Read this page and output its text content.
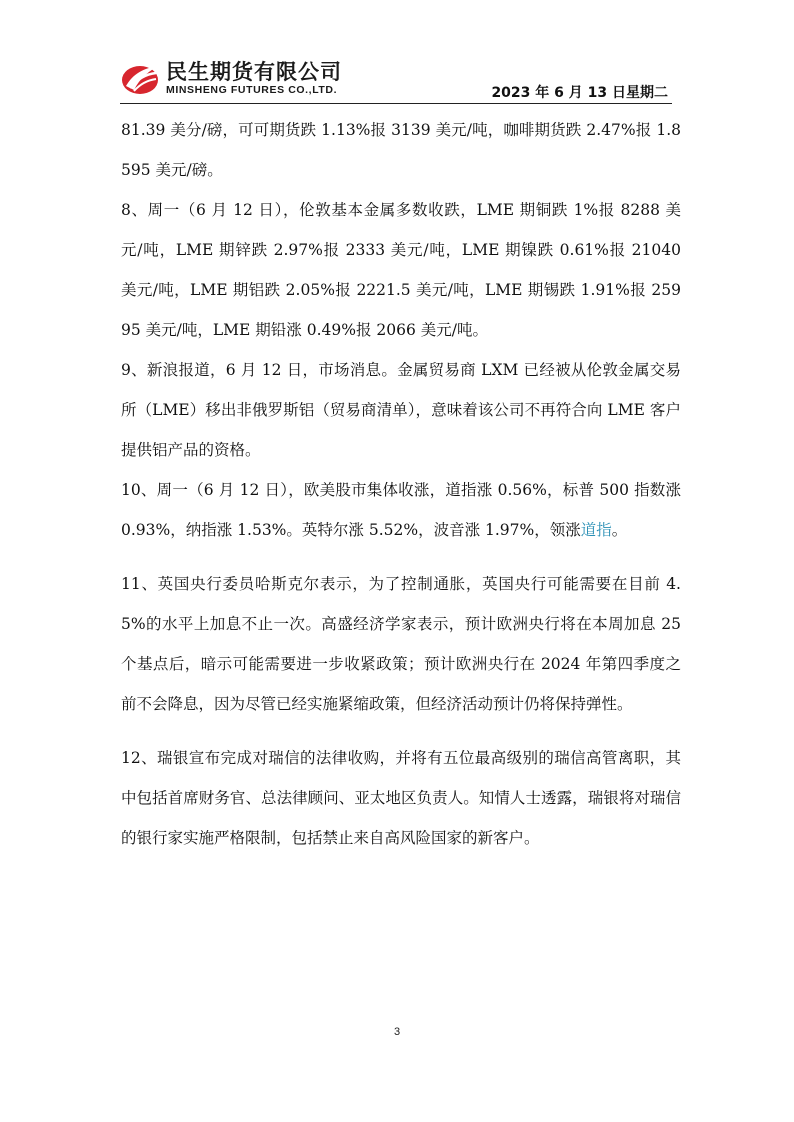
民生期货有限公司
MINSHENG FUTURES CO.,LTD.	2023 年 6 月 13 日星期二

81.39 美分/磅，可可期货跌 1.13%报 3139 美元/吨，咖啡期货跌 2.47%报 1.8595 美元/磅。

8、周一（6 月 12 日），伦敦基本金属多数收跌，LME 期铜跌 1%报 8288 美元/吨，LME 期锌跌 2.97%报 2333 美元/吨，LME 期镍跌 0.61%报 21040 美元/吨，LME 期铝跌 2.05%报 2221.5 美元/吨，LME 期锡跌 1.91%报 25995 美元/吨，LME 期铅涨 0.49%报 2066 美元/吨。

9、新浪报道，6 月 12 日，市场消息。金属贸易商 LXM 已经被从伦敦金属交易所（LME）移出非俄罗斯铝（贸易商清单），意味着该公司不再符合向 LME 客户提供铝产品的资格。

10、周一（6 月 12 日），欧美股市集体收涨，道指涨 0.56%，标普 500 指数涨 0.93%，纳指涨 1.53%。英特尔涨 5.52%，波音涨 1.97%，领涨道指。

11、英国央行委员哈斯克尔表示，为了控制通胀，英国央行可能需要在目前 4.5%的水平上加息不止一次。高盛经济学家表示，预计欧洲央行将在本周加息 25 个基点后，暗示可能需要进一步收紧政策；预计欧洲央行在 2024 年第四季度之前不会降息，因为尽管已经实施紧缩政策，但经济活动预计仍将保持弹性。

12、瑞银宣布完成对瑞信的法律收购，并将有五位最高级别的瑞信高管离职，其中包括首席财务官、总法律顾问、亚太地区负责人。知情人士透露，瑞银将对瑞信的银行家实施严格限制，包括禁止来自高风险国家的新客户。

3
